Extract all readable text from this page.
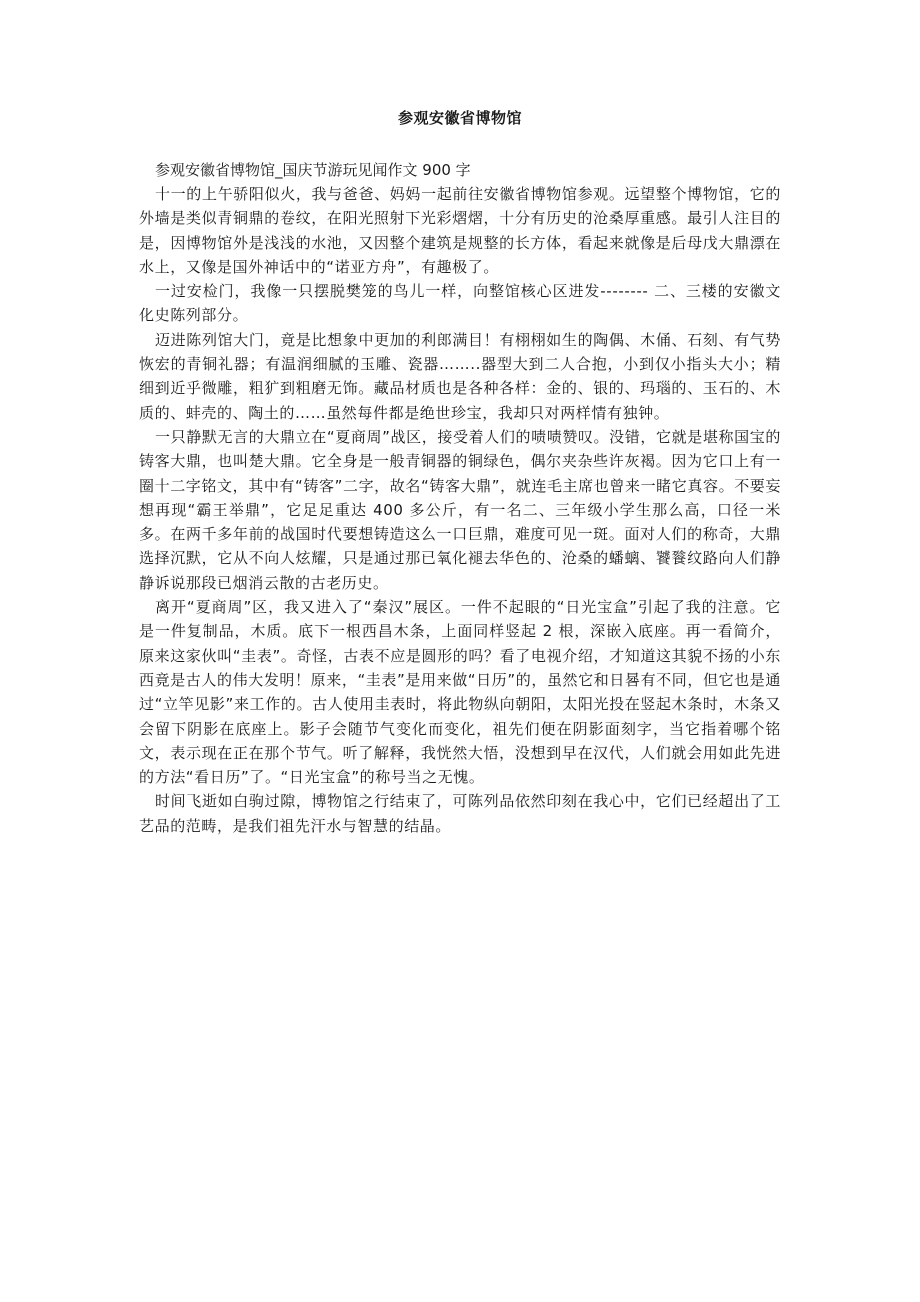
参观安徽省博物馆

参观安徽省博物馆_国庆节游玩见闻作文 900 字

十一的上午骄阳似火，我与爸爸、妈妈一起前往安徽省博物馆参观。远望整个博物馆，它的外墙是类似青铜鼎的卷纹，在阳光照射下光彩熠熠，十分有历史的沧桑厚重感。最引人注目的是，因博物馆外是浅浅的水池，又因整个建筑是规整的长方体，看起来就像是后母戊大鼎漂在水上，又像是国外神话中的“诺亚方舟”，有趣极了。

一过安检门，我像一只摆脱樊笼的鸟儿一样，向整馆核心区进发-------- 二、三楼的安徽文化史陈列部分。

迈进陈列馆大门，竟是比想象中更加的利郎满目！有栩栩如生的陶偶、木俑、石刻、有气势恢宏的青铜礼器；有温润细腻的玉雕、瓷器……..器型大到二人合抱，小到仅小指头大小；精细到近乎微雕，粗犷到粗磨无饰。藏品材质也是各种各样：金的、银的、玛瑙的、玉石的、木质的、蚌壳的、陶土的……虽然每件都是绝世珍宝，我却只对两样情有独钟。

一只静默无言的大鼎立在“夏商周”战区，接受着人们的啧啧赞叹。没错，它就是堪称国宝的铸客大鼎，也叫楚大鼎。它全身是一般青铜器的铜绿色，偶尔夹杂些许灰褐。因为它口上有一圈十二字铭文，其中有“铸客”二字，故名“铸客大鼎”，就连毛主席也曾来一睹它真容。不要妄想再现“霸王举鼎”，它足足重达 400 多公斤，有一名二、三年级小学生那么高，口径一米多。在两千多年前的战国时代要想铸造这么一口巨鼎，难度可见一斑。面对人们的称奇，大鼎选择沉默，它从不向人炫耀，只是通过那已氧化褪去华色的、沧桑的蟠螭、饕餮纹路向人们静静诉说那段已烟消云散的古老历史。

离开“夏商周”区，我又进入了“秦汉”展区。一件不起眼的“日光宝盒”引起了我的注意。它是一件复制品，木质。底下一根西昌木条，上面同样竖起 2 根，深嵌入底座。再一看简介，原来这家伙叫“圭表”。奇怪，古表不应是圆形的吗？看了电视介绍，才知道这其貌不扬的小东西竟是古人的伟大发明！原来，“圭表”是用来做“日历”的，虽然它和日晷有不同，但它也是通过“立竿见影”来工作的。古人使用圭表时，将此物纵向朝阳，太阳光投在竖起木条时，木条又会留下阴影在底座上。影子会随节气变化而变化，祖先们便在阴影面刻字，当它指着哪个铭文，表示现在正在那个节气。听了解释，我恍然大悟，没想到早在汉代，人们就会用如此先进的方法“看日历”了。“日光宝盒”的称号当之无愧。

时间飞逝如白驹过隙，博物馆之行结束了，可陈列品依然印刻在我心中，它们已经超出了工艺品的范畴，是我们祖先汗水与智慧的结晶。
